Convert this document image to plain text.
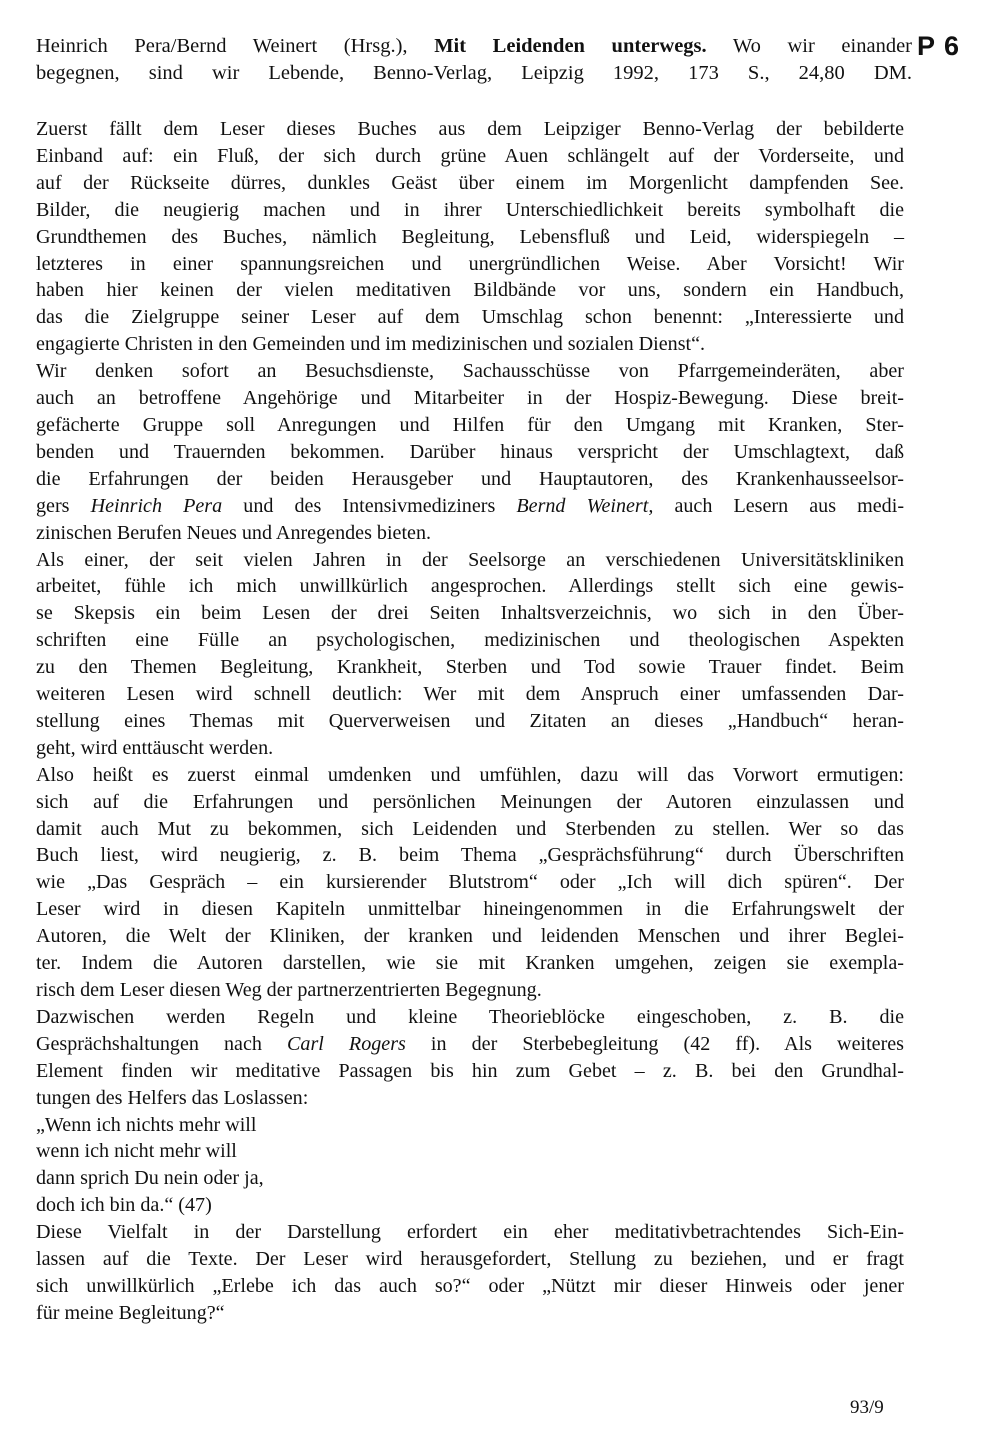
P 6
Heinrich Pera/Bernd Weinert (Hrsg.), Mit Leidenden unterwegs. Wo wir einander
begegnen, sind wir Lebende, Benno-Verlag, Leipzig 1992, 173 S., 24,80 DM.
Zuerst fällt dem Leser dieses Buches aus dem Leipziger Benno-Verlag der bebilderte
Einband auf: ein Fluß, der sich durch grüne Auen schlängelt auf der Vorderseite, und
auf der Rückseite dürres, dunkles Geäst über einem im Morgenlicht dampfenden See.
Bilder, die neugierig machen und in ihrer Unterschiedlichkeit bereits symbolhaft die
Grundthemen des Buches, nämlich Begleitung, Lebensfluß und Leid, widerspiegeln –
letzteres in einer spannungsreichen und unergründlichen Weise. Aber Vorsicht! Wir
haben hier keinen der vielen meditativen Bildbände vor uns, sondern ein Handbuch,
das die Zielgruppe seiner Leser auf dem Umschlag schon benennt: „Interessierte und
engagierte Christen in den Gemeinden und im medizinischen und sozialen Dienst“.
Wir denken sofort an Besuchsdienste, Sachausschüsse von Pfarrgemeinderäten, aber
auch an betroffene Angehörige und Mitarbeiter in der Hospiz-Bewegung. Diese breit-
gefächerte Gruppe soll Anregungen und Hilfen für den Umgang mit Kranken, Ster-
benden und Trauernden bekommen. Darüber hinaus verspricht der Umschlagtext, daß
die Erfahrungen der beiden Herausgeber und Hauptautoren, des Krankenhausseelsor-
gers Heinrich Pera und des Intensivmediziners Bernd Weinert, auch Lesern aus medi-
zinischen Berufen Neues und Anregendes bieten.
Als einer, der seit vielen Jahren in der Seelsorge an verschiedenen Universitätskliniken
arbeitet, fühle ich mich unwillkürlich angesprochen. Allerdings stellt sich eine gewis-
se Skepsis ein beim Lesen der drei Seiten Inhaltsverzeichnis, wo sich in den Über-
schriften eine Fülle an psychologischen, medizinischen und theologischen Aspekten
zu den Themen Begleitung, Krankheit, Sterben und Tod sowie Trauer findet. Beim
weiteren Lesen wird schnell deutlich: Wer mit dem Anspruch einer umfassenden Dar-
stellung eines Themas mit Querverweisen und Zitaten an dieses „Handbuch“ heran-
geht, wird enttäuscht werden.
Also heißt es zuerst einmal umdenken und umfühlen, dazu will das Vorwort ermutigen:
sich auf die Erfahrungen und persönlichen Meinungen der Autoren einzulassen und
damit auch Mut zu bekommen, sich Leidenden und Sterbenden zu stellen. Wer so das
Buch liest, wird neugierig, z. B. beim Thema „Gesprächsführung“ durch Überschriften
wie „Das Gespräch – ein kursierender Blutstrom“ oder „Ich will dich spüren“. Der
Leser wird in diesen Kapiteln unmittelbar hineingenommen in die Erfahrungswelt der
Autoren, die Welt der Kliniken, der kranken und leidenden Menschen und ihrer Beglei-
ter. Indem die Autoren darstellen, wie sie mit Kranken umgehen, zeigen sie exempla-
risch dem Leser diesen Weg der partnerzentrierten Begegnung.
Dazwischen werden Regeln und kleine Theorieblöcke eingeschoben, z. B. die
Gesprächshaltungen nach Carl Rogers in der Sterbebegleitung (42 ff). Als weiteres
Element finden wir meditative Passagen bis hin zum Gebet – z. B. bei den Grundhal-
tungen des Helfers das Loslassen:
„Wenn ich nichts mehr will
wenn ich nicht mehr will
dann sprich Du nein oder ja,
doch ich bin da.“ (47)
Diese Vielfalt in der Darstellung erfordert ein eher meditativbetrachtendes Sich-Ein-
lassen auf die Texte. Der Leser wird herausgefordert, Stellung zu beziehen, und er fragt
sich unwillkürlich „Erlebe ich das auch so?“ oder „Nützt mir dieser Hinweis oder jener
für meine Begleitung?“
93/9
